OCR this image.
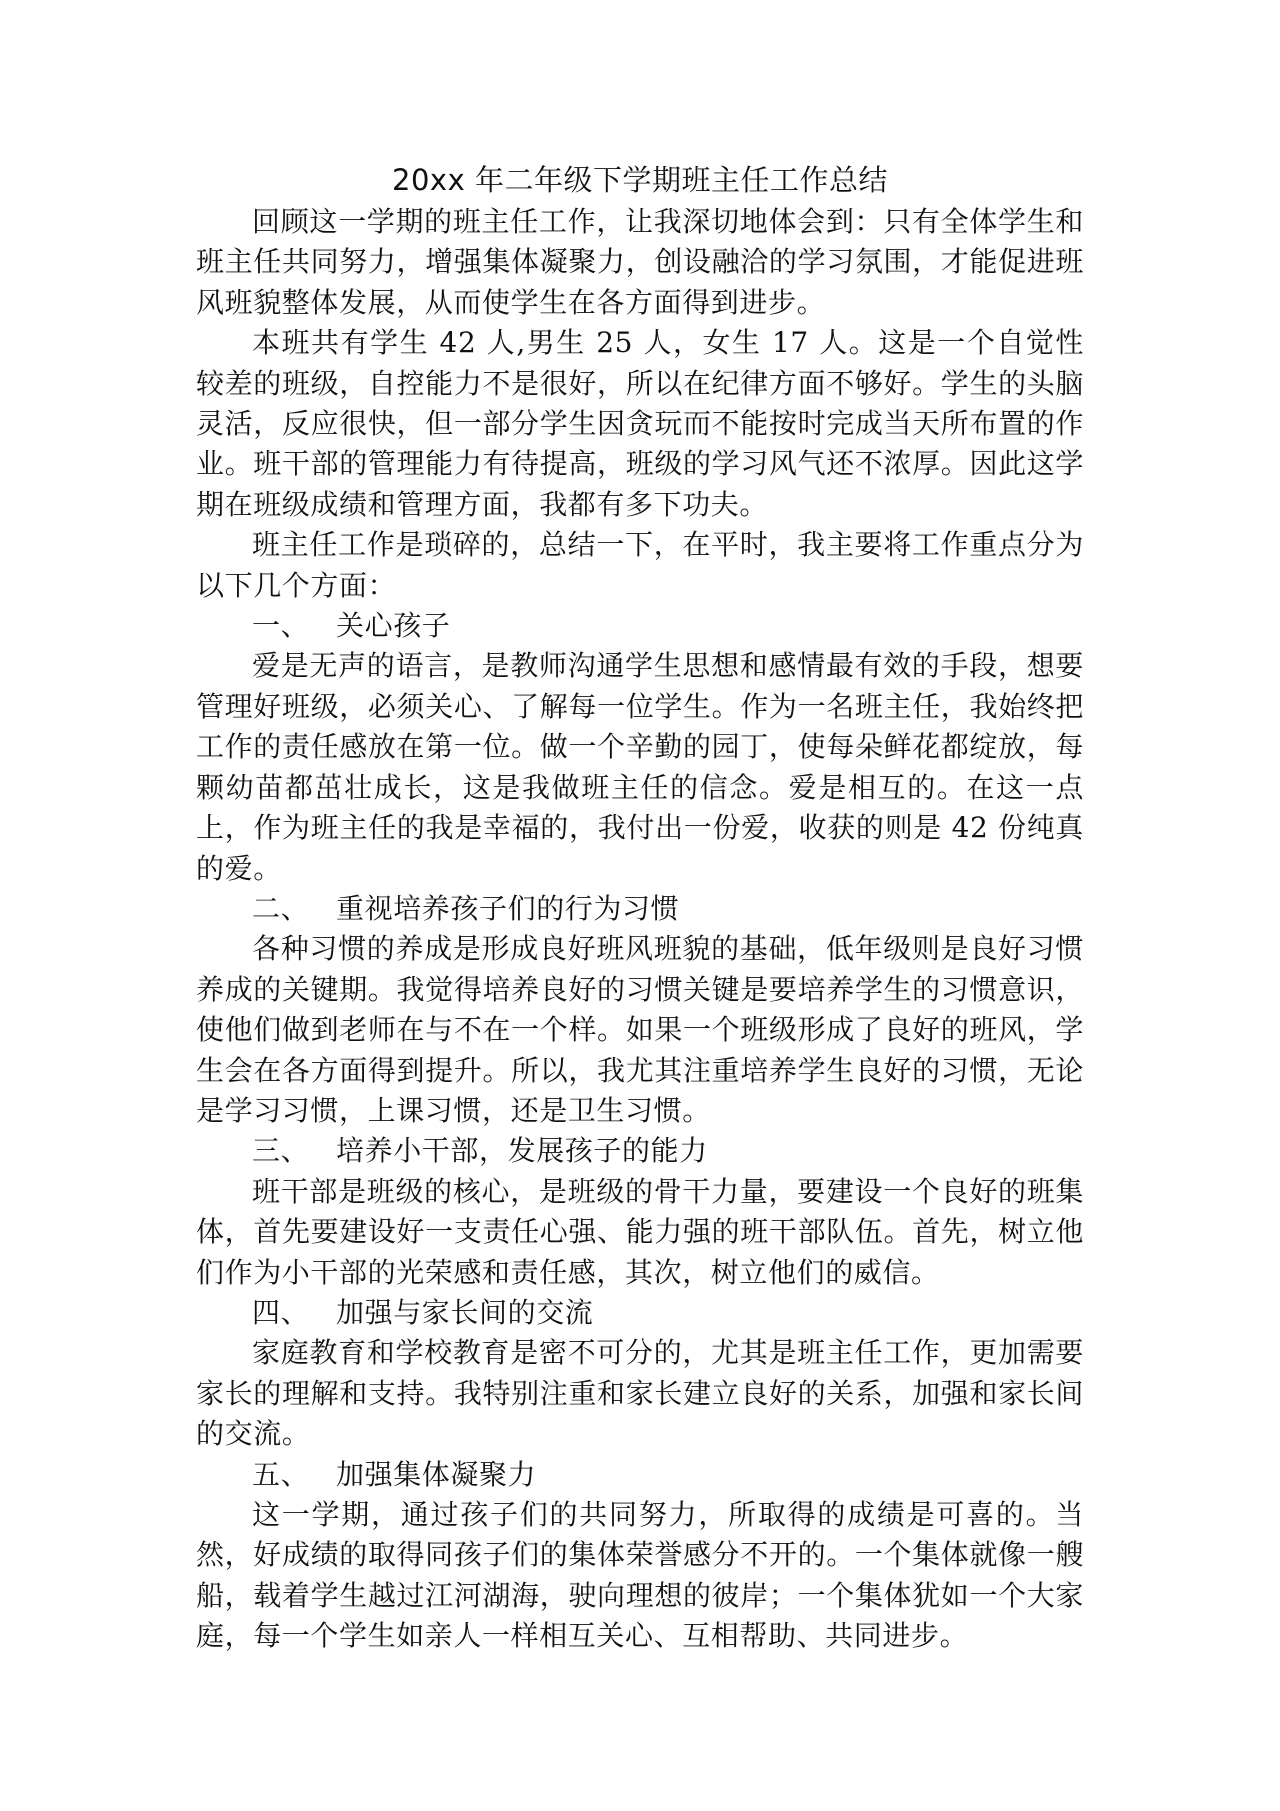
20xx 年二年级下学期班主任工作总结

回顾这一学期的班主任工作，让我深切地体会到：只有全体学生和班主任共同努力，增强集体凝聚力，创设融洽的学习氛围，才能促进班风班貌整体发展，从而使学生在各方面得到进步。

本班共有学生 42 人,男生 25 人，女生 17 人。这是一个自觉性较差的班级，自控能力不是很好，所以在纪律方面不够好。学生的头脑灵活，反应很快，但一部分学生因贪玩而不能按时完成当天所布置的作业。班干部的管理能力有待提高，班级的学习风气还不浓厚。因此这学期在班级成绩和管理方面，我都有多下功夫。

班主任工作是琐碎的，总结一下，在平时，我主要将工作重点分为以下几个方面：

一、 关心孩子

爱是无声的语言，是教师沟通学生思想和感情最有效的手段，想要管理好班级，必须关心、了解每一位学生。作为一名班主任，我始终把工作的责任感放在第一位。做一个辛勤的园丁，使每朵鲜花都绽放，每颗幼苗都茁壮成长，这是我做班主任的信念。爱是相互的。在这一点上，作为班主任的我是幸福的，我付出一份爱，收获的则是 42 份纯真的爱。

二、 重视培养孩子们的行为习惯

各种习惯的养成是形成良好班风班貌的基础，低年级则是良好习惯养成的关键期。我觉得培养良好的习惯关键是要培养学生的习惯意识，使他们做到老师在与不在一个样。如果一个班级形成了良好的班风，学生会在各方面得到提升。所以，我尤其注重培养学生良好的习惯，无论是学习习惯，上课习惯，还是卫生习惯。

三、 培养小干部，发展孩子的能力

班干部是班级的核心，是班级的骨干力量，要建设一个良好的班集体，首先要建设好一支责任心强、能力强的班干部队伍。首先，树立他们作为小干部的光荣感和责任感，其次，树立他们的威信。

四、 加强与家长间的交流

家庭教育和学校教育是密不可分的，尤其是班主任工作，更加需要家长的理解和支持。我特别注重和家长建立良好的关系，加强和家长间的交流。

五、 加强集体凝聚力

这一学期，通过孩子们的共同努力，所取得的成绩是可喜的。当然，好成绩的取得同孩子们的集体荣誉感分不开的。一个集体就像一艘船，载着学生越过江河湖海，驶向理想的彼岸；一个集体犹如一个大家庭，每一个学生如亲人一样相互关心、互相帮助、共同进步。
